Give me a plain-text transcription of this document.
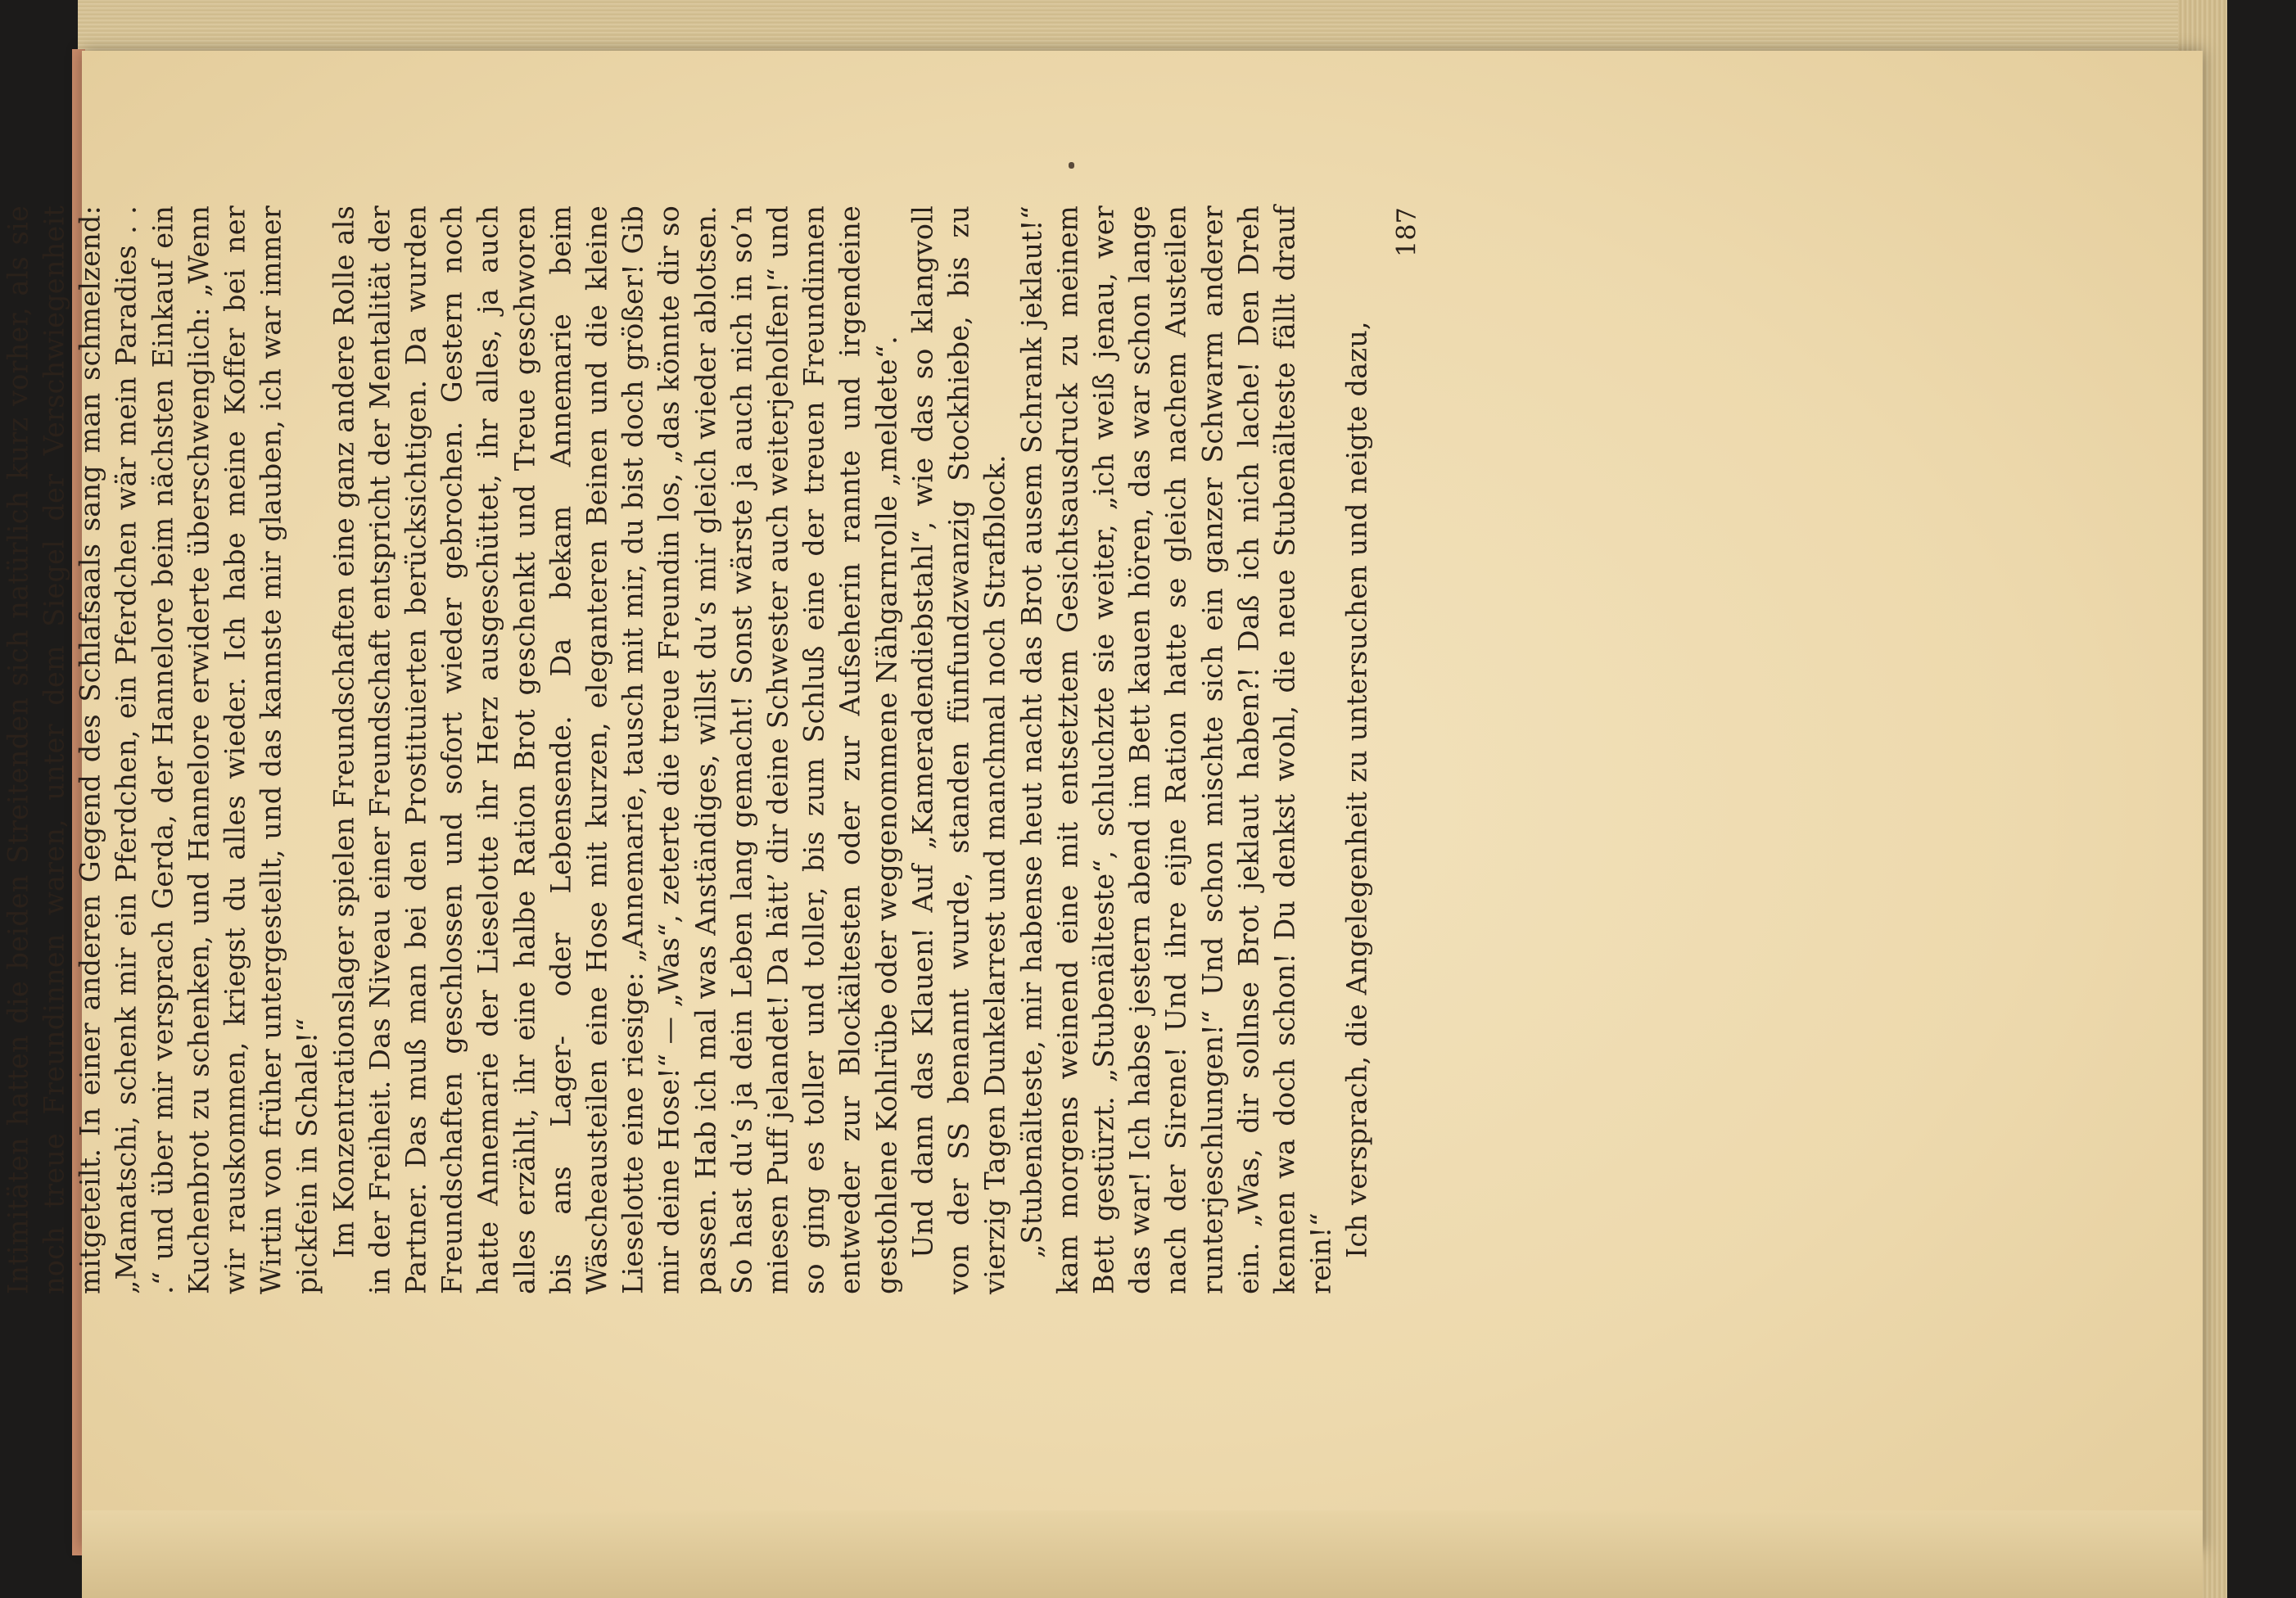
Intimitäten hatten die beiden Streitenden sich natürlich kurz vorher, als sie noch treue Freundinnen waren, unter dem Siegel der Verschwiegenheit mitgeteilt. In einer anderen Gegend des Schlafsaals sang man schmelzend: „Mamatschi, schenk mir ein Pferdchen, ein Pferdchen wär mein Paradies . . .“ und über mir versprach Gerda, der Hannelore beim nächsten Einkauf ein Kuchenbrot zu schenken, und Hannelore erwiderte überschwenglich: „Wenn wir rauskommen, kriegst du alles wieder. Ich habe meine Koffer bei ner Wirtin von früher untergestellt, und das kannste mir glauben, ich war immer pickfein in Schale!“ Im Konzentrationslager spielen Freundschaften eine ganz andere Rolle als in der Freiheit. Das Niveau einer Freundschaft entspricht der Mentalität der Partner. Das muß man bei den Prostituierten berücksichtigen. Da wurden Freundschaften geschlossen und sofort wieder gebrochen. Gestern noch hatte Annemarie der Lieselotte ihr Herz ausgeschüttet, ihr alles, ja auch alles erzählt, ihr eine halbe Ration Brot geschenkt und Treue geschworen bis ans Lager- oder Lebensende. Da bekam Annemarie beim Wäscheausteilen eine Hose mit kurzen, eleganteren Beinen und die kleine Lieselotte eine riesige: „Annemarie, tausch mit mir, du bist doch größer! Gib mir deine Hose!“ — „Was“, zeterte die treue Freundin los, „das könnte dir so passen. Hab ich mal was Anständiges, willst du’s mir gleich wieder ablotsen. So hast du’s ja dein Leben lang gemacht! Sonst wärste ja auch nich in so’n miesen Puff jelandet! Da hätt’ dir deine Schwester auch weiterjeholfen!“ und so ging es toller und toller, bis zum Schluß eine der treuen Freundinnen entweder zur Blockältesten oder zur Aufseherin rannte und irgendeine gestohlene Kohlrübe oder weggenommene Nähgarnrolle „meldete“. Und dann das Klauen! Auf „Kameradendiebstahl“, wie das so klangvoll von der SS benannt wurde, standen fünfundzwanzig Stockhiebe, bis zu vierzig Tagen Dunkelarrest und manchmal noch Strafblock. „Stubenälteste, mir habense heut nacht das Brot ausem Schrank jeklaut!“ kam morgens weinend eine mit entsetztem Gesichtsausdruck zu meinem Bett gestürzt. „Stubenälteste“, schluchzte sie weiter, „ich weiß jenau, wer das war! Ich habse jestern abend im Bett kauen hören, das war schon lange nach der Sirene! Und ihre eijne Ration hatte se gleich nachem Austeilen runterjeschlungen!“ Und schon mischte sich ein ganzer Schwarm anderer ein. „Was, dir sollnse Brot jeklaut haben?! Daß ich nich lache! Den Dreh kennen wa doch schon! Du denkst wohl, die neue Stubenälteste fällt drauf rein!“ Ich versprach, die Angelegenheit zu untersuchen und neigte dazu,

187
